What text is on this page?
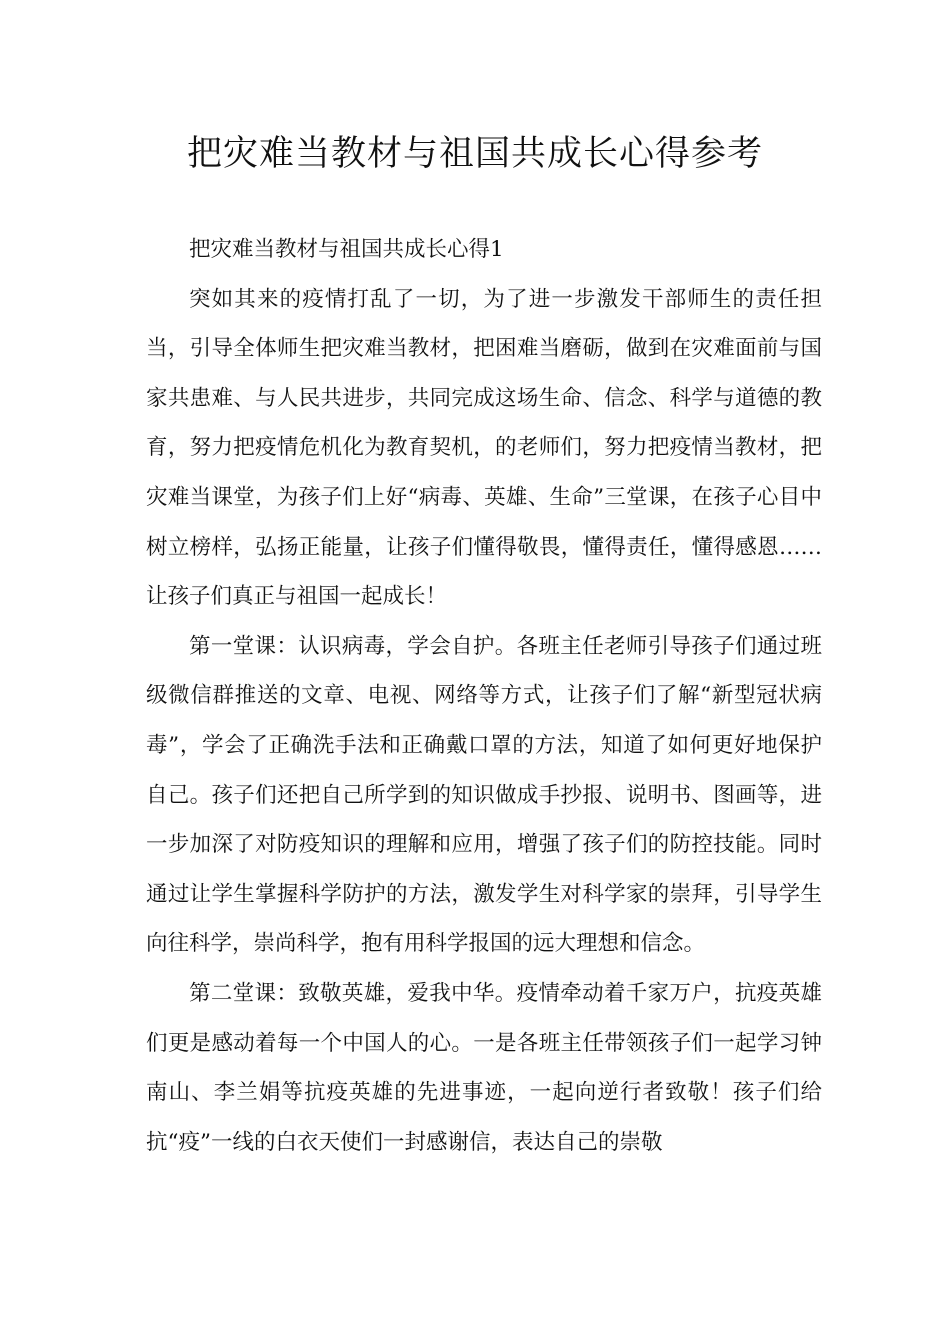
把灾难当教材与祖国共成长心得参考

把灾难当教材与祖国共成长心得1

突如其来的疫情打乱了一切，为了进一步激发干部师生的责任担当，引导全体师生把灾难当教材，把困难当磨砺，做到在灾难面前与国家共患难、与人民共进步，共同完成这场生命、信念、科学与道德的教育，努力把疫情危机化为教育契机，的老师们，努力把疫情当教材，把灾难当课堂，为孩子们上好“病毒、英雄、生命”三堂课，在孩子心目中树立榜样，弘扬正能量，让孩子们懂得敬畏，懂得责任，懂得感恩……让孩子们真正与祖国一起成长！

第一堂课：认识病毒，学会自护。各班主任老师引导孩子们通过班级微信群推送的文章、电视、网络等方式，让孩子们了解“新型冠状病毒”，学会了正确洗手法和正确戴口罩的方法，知道了如何更好地保护自己。孩子们还把自己所学到的知识做成手抄报、说明书、图画等，进一步加深了对防疫知识的理解和应用，增强了孩子们的防控技能。同时通过让学生掌握科学防护的方法，激发学生对科学家的崇拜，引导学生向往科学，崇尚科学，抱有用科学报国的远大理想和信念。

第二堂课：致敬英雄，爱我中华。疫情牵动着千家万户，抗疫英雄们更是感动着每一个中国人的心。一是各班主任带领孩子们一起学习钟南山、李兰娟等抗疫英雄的先进事迹，一起向逆行者致敬！孩子们给抗“疫”一线的白衣天使们一封感谢信，表达自己的崇敬
